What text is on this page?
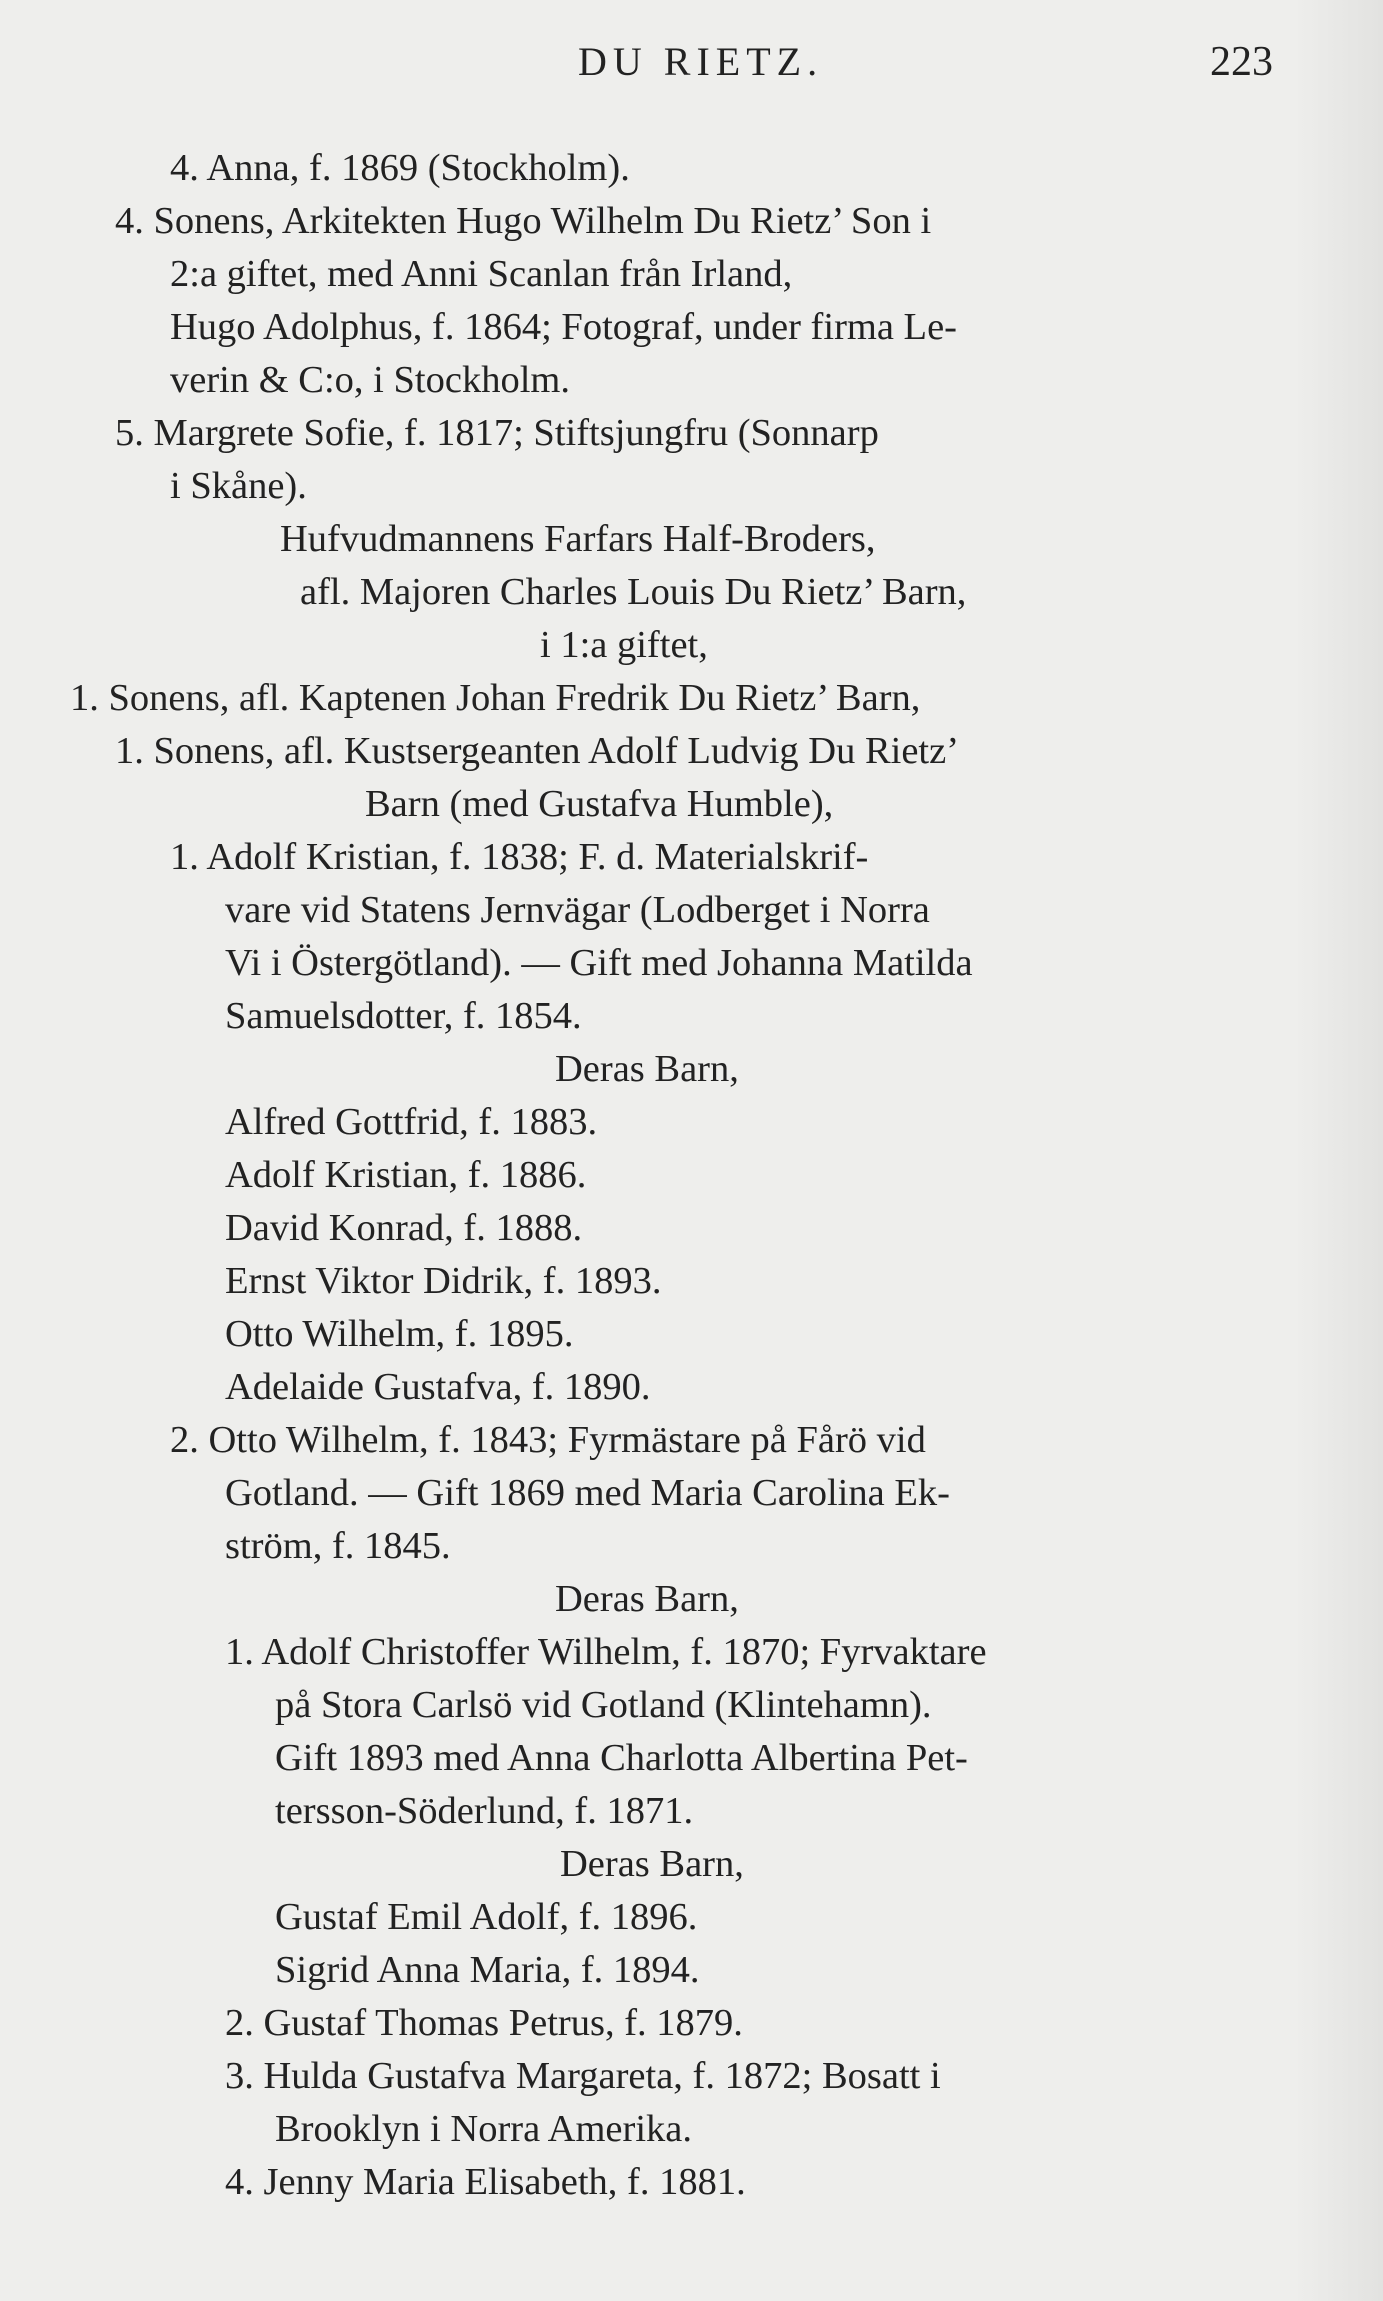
DU RIETZ.	223
4. Anna, f. 1869 (Stockholm).
4. Sonens, Arkitekten Hugo Wilhelm Du Rietz’ Son i
2:a giftet, med Anni Scanlan från Irland,
Hugo Adolphus, f. 1864; Fotograf, under firma Le-
verin & C:o, i Stockholm.
5. Margrete Sofie, f. 1817; Stiftsjungfru (Sonnarp
i Skåne).
Hufvudmannens Farfars Half-Broders,
afl. Majoren Charles Louis Du Rietz’ Barn,
i 1:a giftet,
1. Sonens, afl. Kaptenen Johan Fredrik Du Rietz’ Barn,
1. Sonens, afl. Kustsergeanten Adolf Ludvig Du Rietz’
Barn (med Gustafva Humble),
1. Adolf Kristian, f. 1838; F. d. Materialskrif-
vare vid Statens Jernvägar (Lodberget i Norra
Vi i Östergötland). — Gift med Johanna Matilda
Samuelsdotter, f. 1854.
Deras Barn,
Alfred Gottfrid, f. 1883.
Adolf Kristian, f. 1886.
David Konrad, f. 1888.
Ernst Viktor Didrik, f. 1893.
Otto Wilhelm, f. 1895.
Adelaide Gustafva, f. 1890.
2. Otto Wilhelm, f. 1843; Fyrmästare på Fårö vid
Gotland. — Gift 1869 med Maria Carolina Ek-
ström, f. 1845.
Deras Barn,
1. Adolf Christoffer Wilhelm, f. 1870; Fyrvaktare
på Stora Carlsö vid Gotland (Klintehamn).
Gift 1893 med Anna Charlotta Albertina Pet-
tersson-Söderlund, f. 1871.
Deras Barn,
Gustaf Emil Adolf, f. 1896.
Sigrid Anna Maria, f. 1894.
2. Gustaf Thomas Petrus, f. 1879.
3. Hulda Gustafva Margareta, f. 1872; Bosatt i
Brooklyn i Norra Amerika.
4. Jenny Maria Elisabeth, f. 1881.
